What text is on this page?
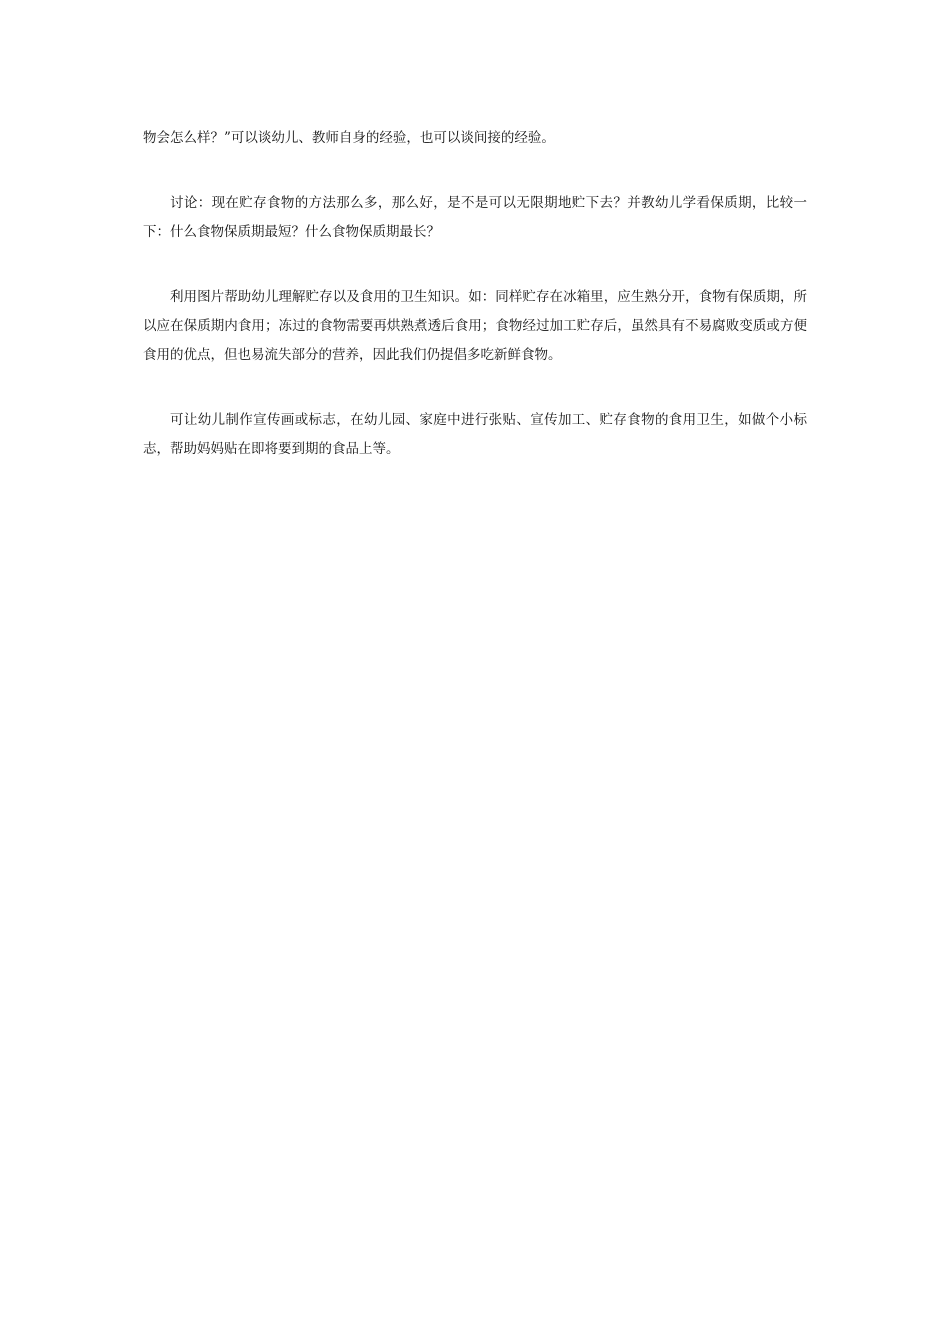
物会怎么样？”可以谈幼儿、教师自身的经验，也可以谈间接的经验。

讨论：现在贮存食物的方法那么多，那么好，是不是可以无限期地贮下去？并教幼儿学看保质期，比较一下：什么食物保质期最短？什么食物保质期最长？

利用图片帮助幼儿理解贮存以及食用的卫生知识。如：同样贮存在冰箱里，应生熟分开，食物有保质期，所以应在保质期内食用；冻过的食物需要再烘熟煮透后食用；食物经过加工贮存后，虽然具有不易腐败变质或方便食用的优点，但也易流失部分的营养，因此我们仍提倡多吃新鲜食物。

可让幼儿制作宣传画或标志，在幼儿园、家庭中进行张贴、宣传加工、贮存食物的食用卫生，如做个小标志，帮助妈妈贴在即将要到期的食品上等。
